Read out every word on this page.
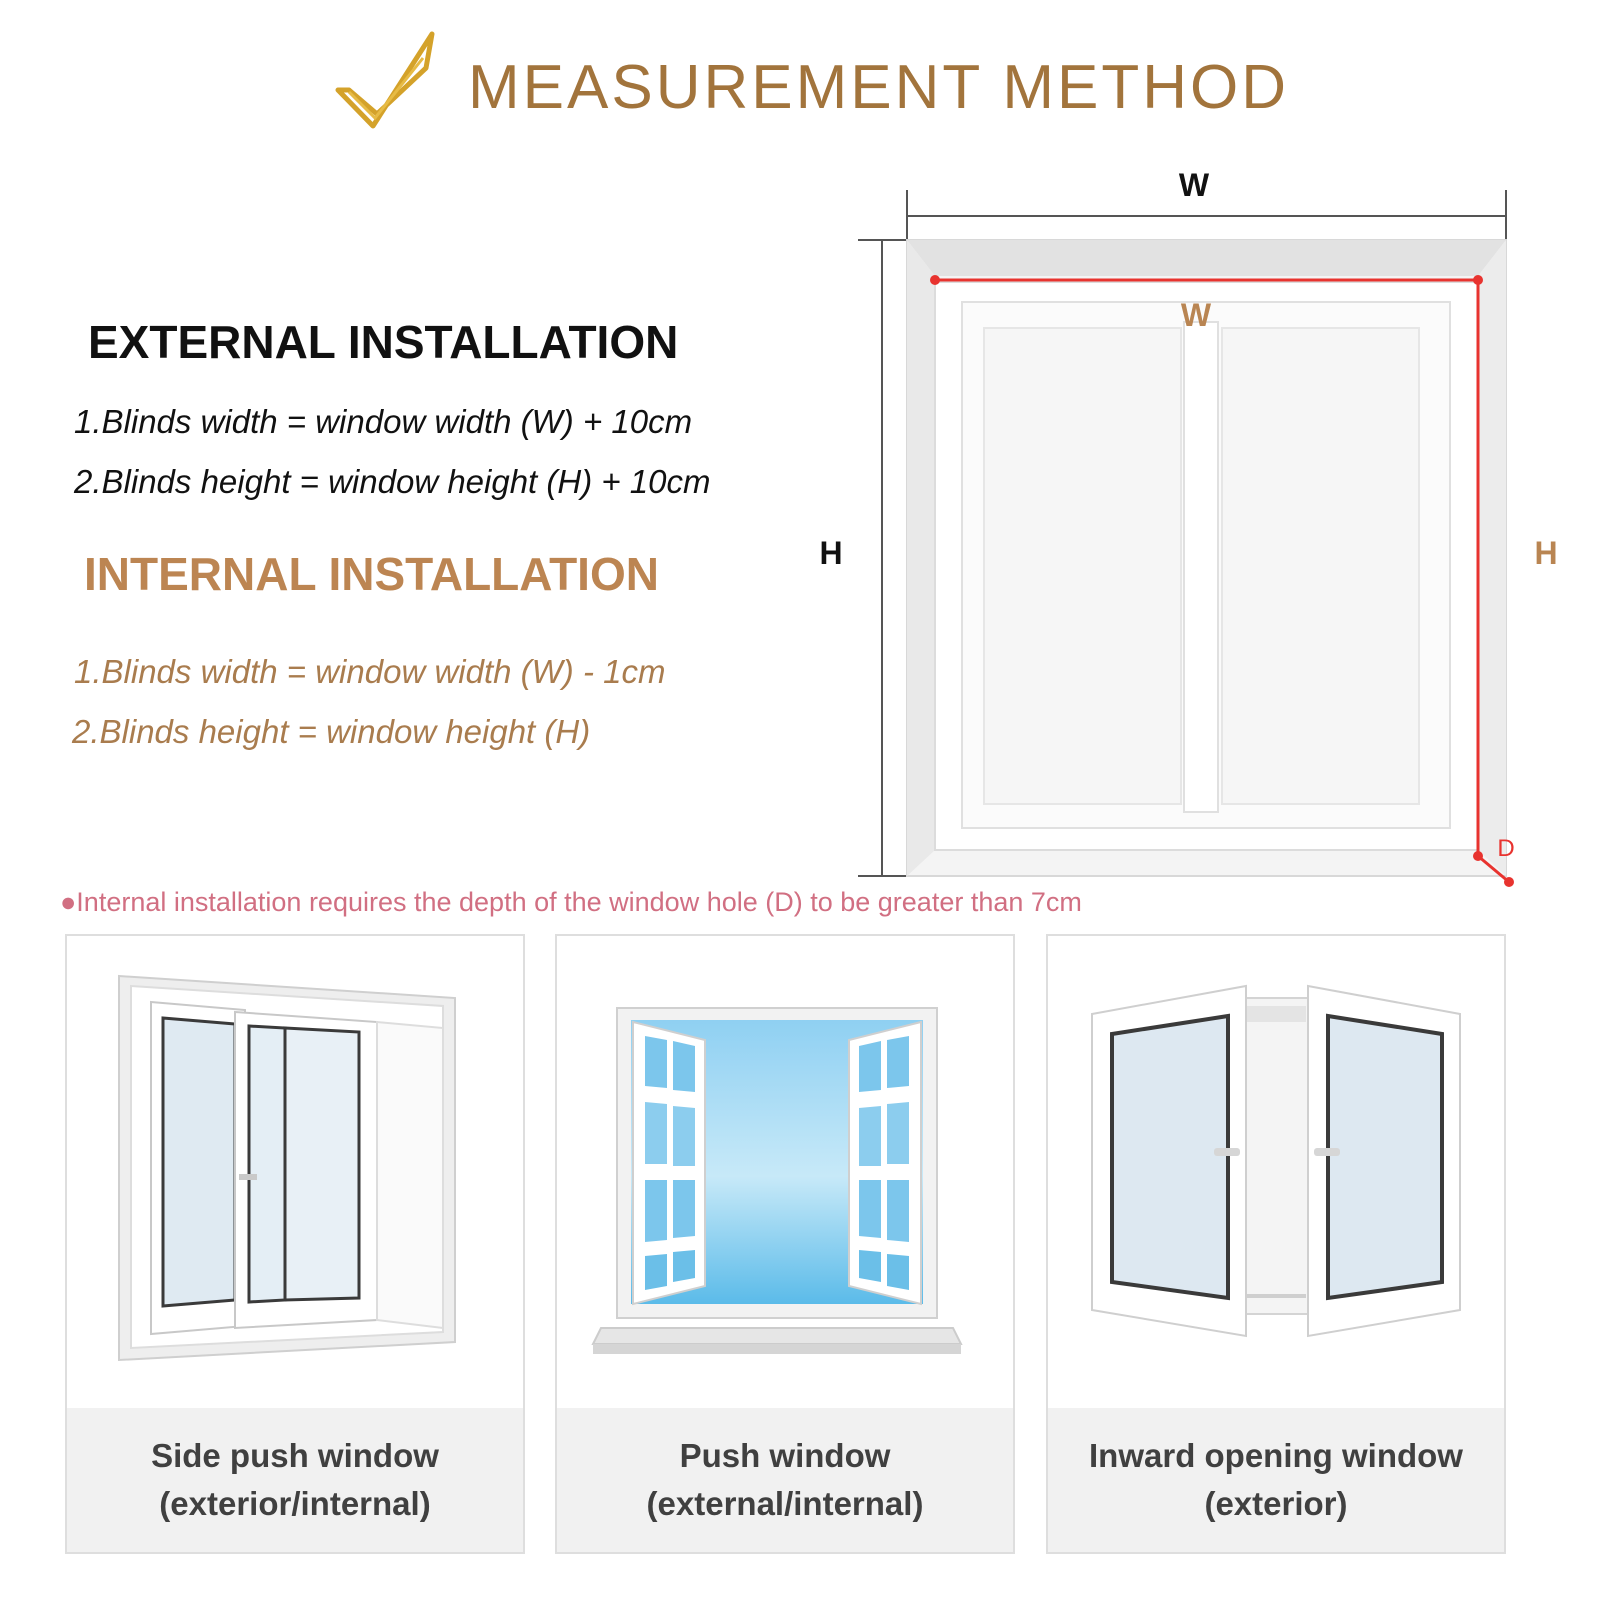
MEASUREMENT METHOD
EXTERNAL INSTALLATION
1.Blinds width = window width (W) + 10cm
2.Blinds height = window height (H) + 10cm
INTERNAL INSTALLATION
1.Blinds width = window width (W) - 1cm
2.Blinds height = window height (H)
W
H
W
H
D
●Internal installation requires the depth of the window hole (D) to be greater than 7cm
Side push window
(exterior/internal)
Push window
(external/internal)
Inward opening window
(exterior)
